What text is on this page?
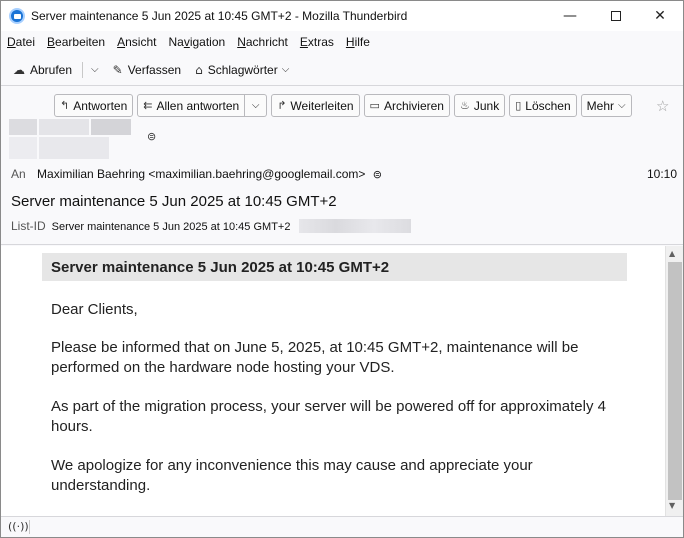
Server maintenance 5 Jun 2025 at 10:45 GMT+2 - Mozilla Thunderbird	—	✕
Datei Bearbeiten Ansicht Navigation Nachricht Extras Hilfe
☁ Abrufen ⌵ ✎ Verfassen ⌂ Schlagwörter ⌵
↰ Antworten ⇇ Allen antworten ⌵ ↱ Weiterleiten ▭ Archivieren ♨ Junk ▯ Löschen Mehr ⌵ ☆
⊜
An Maximilian Baehring <maximilian.baehring@googlemail.com> ⊜	10:10
Server maintenance 5 Jun 2025 at 10:45 GMT+2
List-ID Server maintenance 5 Jun 2025 at 10:45 GMT+2
Server maintenance 5 Jun 2025 at 10:45 GMT+2
Dear Clients,
Please be informed that on June 5, 2025, at 10:45 GMT+2, maintenance will be performed on the hardware node hosting your VDS.
As part of the migration process, your server will be powered off for approximately 4 hours.
We apologize for any inconvenience this may cause and appreciate your understanding.
▲
▼
((·))
